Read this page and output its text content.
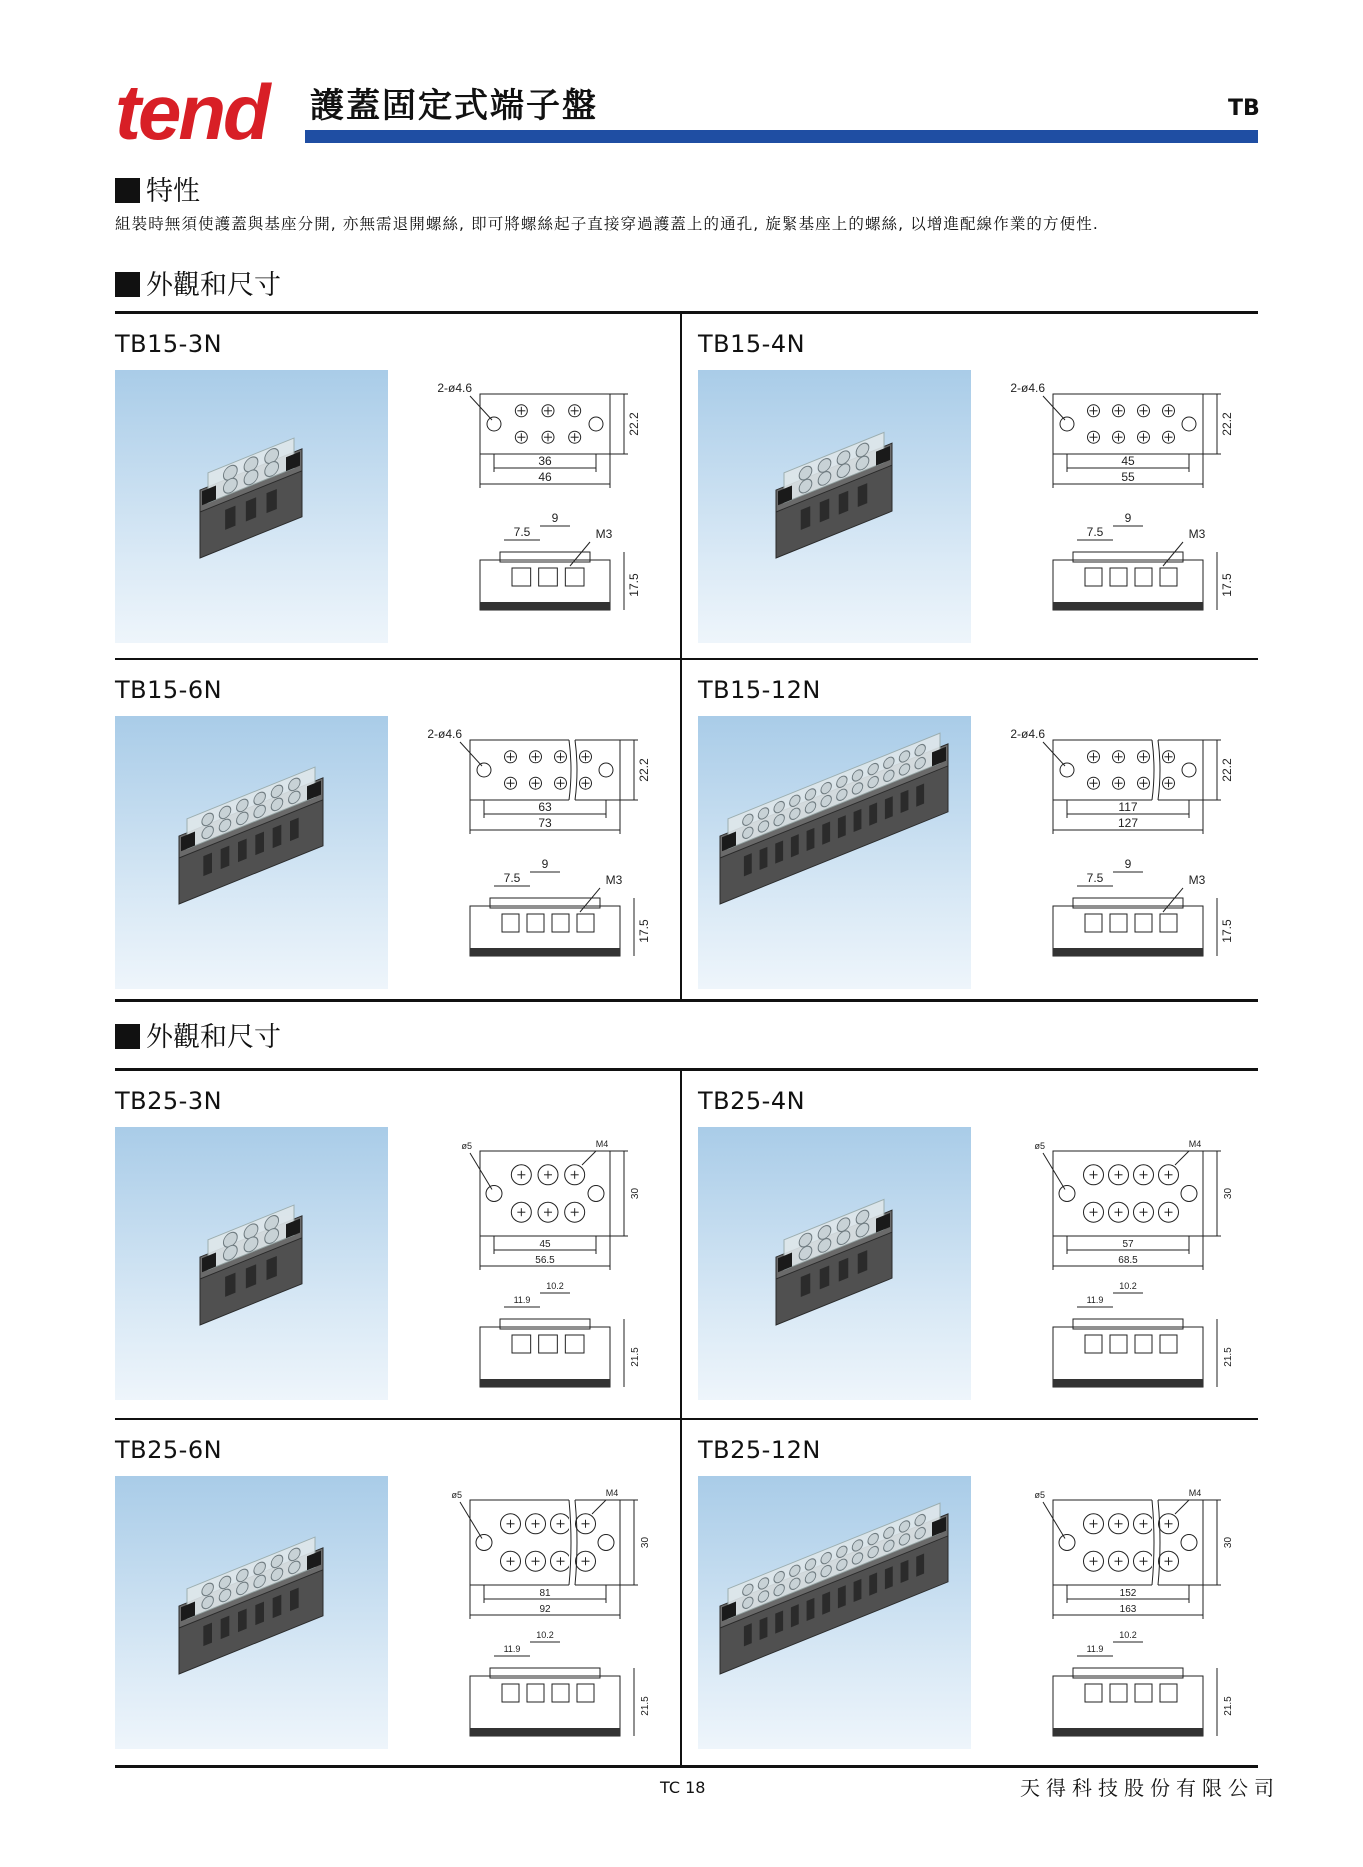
tend 護蓋固定式端子盤	TB
特性
組裝時無須使護蓋與基座分開, 亦無需退開螺絲, 即可將螺絲起子直接穿過護蓋上的通孔, 旋緊基座上的螺絲, 以增進配線作業的方便性.
外觀和尺寸
外觀和尺寸
TB15-3N
2-ø4.6
22.2
36
46
17.5
7.5
9
M3
TB15-4N
2-ø4.6
22.2
45
55
17.5
7.5
9
M3
TB15-6N
2-ø4.6
22.2
63
73
17.5
7.5
9
M3
TB15-12N
2-ø4.6
22.2
117
127
17.5
7.5
9
M3
TB25-3N
ø5	M4
30
45
56.5
21.5
11.9
10.2
TB25-4N
ø5	M4
30
57
68.5
21.5
11.9
10.2
TB25-6N
ø5	M4
30
81
92
21.5
11.9
10.2
TB25-12N
ø5	M4
30
152
163
21.5
11.9
10.2
TC 18	天得科技股份有限公司
